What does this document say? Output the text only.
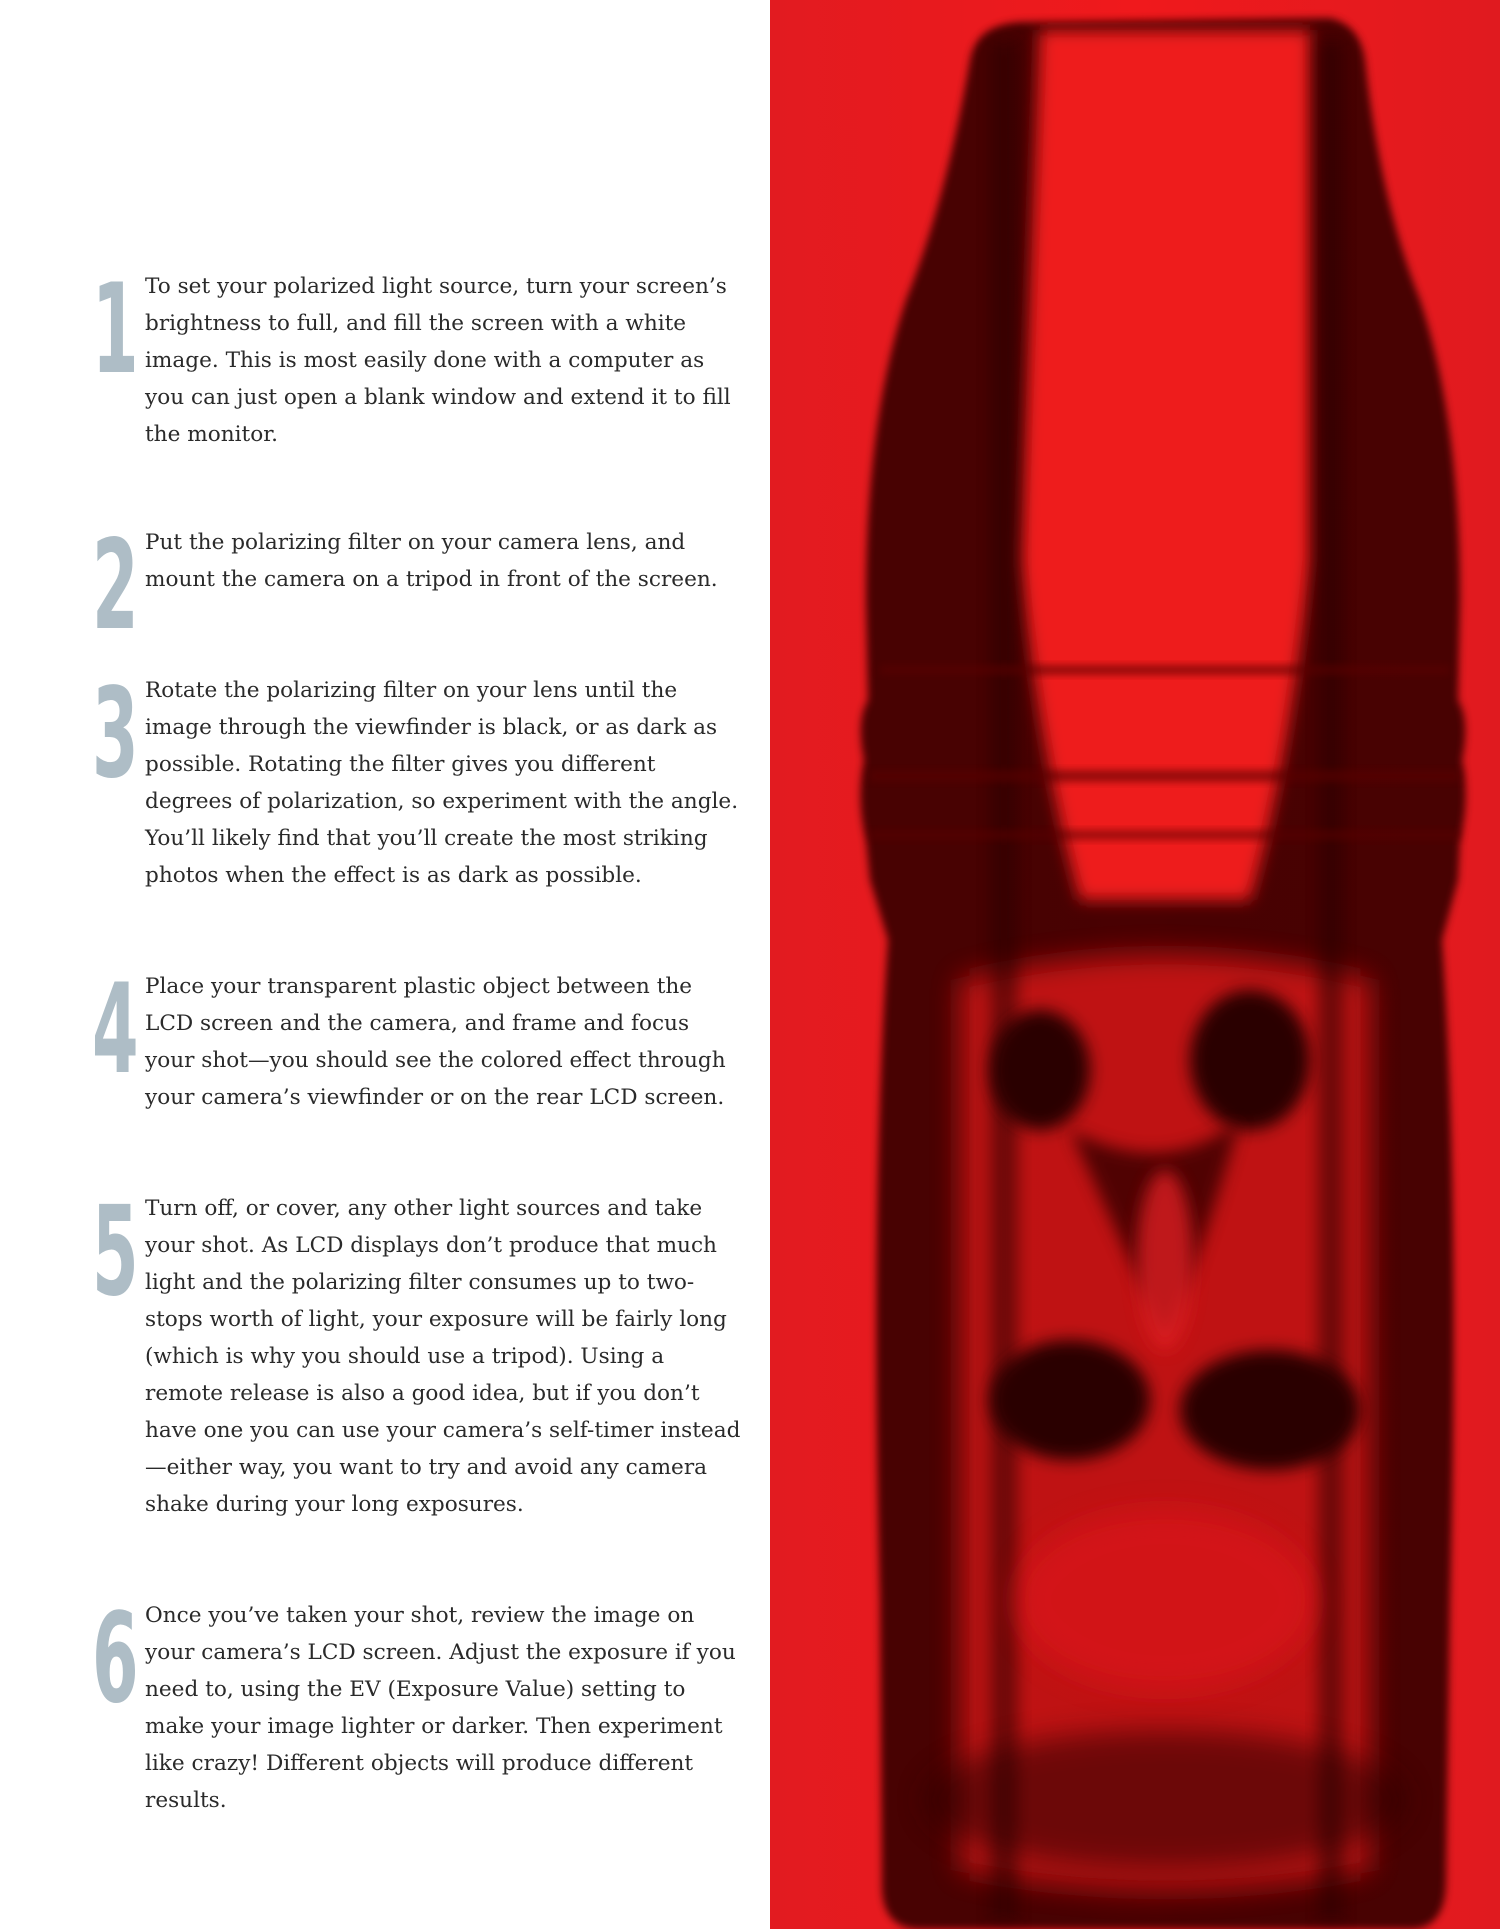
1 To set your polarized light source, turn your screen’s brightness to full, and fill the screen with a white image. This is most easily done with a computer as you can just open a blank window and extend it to fill the monitor.

2 Put the polarizing filter on your camera lens, and mount the camera on a tripod in front of the screen.

3 Rotate the polarizing filter on your lens until the image through the viewfinder is black, or as dark as possible. Rotating the filter gives you different degrees of polarization, so experiment with the angle. You’ll likely find that you’ll create the most striking photos when the effect is as dark as possible.

4 Place your transparent plastic object between the LCD screen and the camera, and frame and focus your shot—you should see the colored effect through your camera’s viewfinder or on the rear LCD screen.

5 Turn off, or cover, any other light sources and take your shot. As LCD displays don’t produce that much light and the polarizing filter consumes up to two-stops worth of light, your exposure will be fairly long (which is why you should use a tripod). Using a remote release is also a good idea, but if you don’t have one you can use your camera’s self-timer instead—either way, you want to try and avoid any camera shake during your long exposures.

6 Once you’ve taken your shot, review the image on your camera’s LCD screen. Adjust the exposure if you need to, using the EV (Exposure Value) setting to make your image lighter or darker. Then experiment like crazy! Different objects will produce different results.
